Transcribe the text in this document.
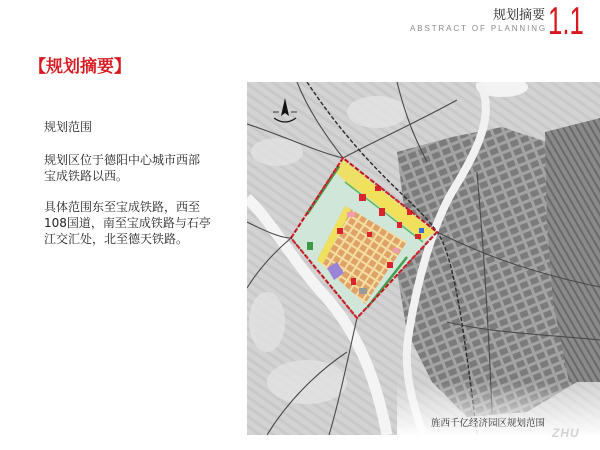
规划摘要
ABSTRACT OF PLANNING 1.1
【规划摘要】
规划范围
规划区位于德阳中心城市西部
宝成铁路以西。
具体范围东至宝成铁路，西至
108国道，南至宝成铁路与石亭
江交汇处，北至德天铁路。
旌西千亿经济园区规划范围
ZHU
